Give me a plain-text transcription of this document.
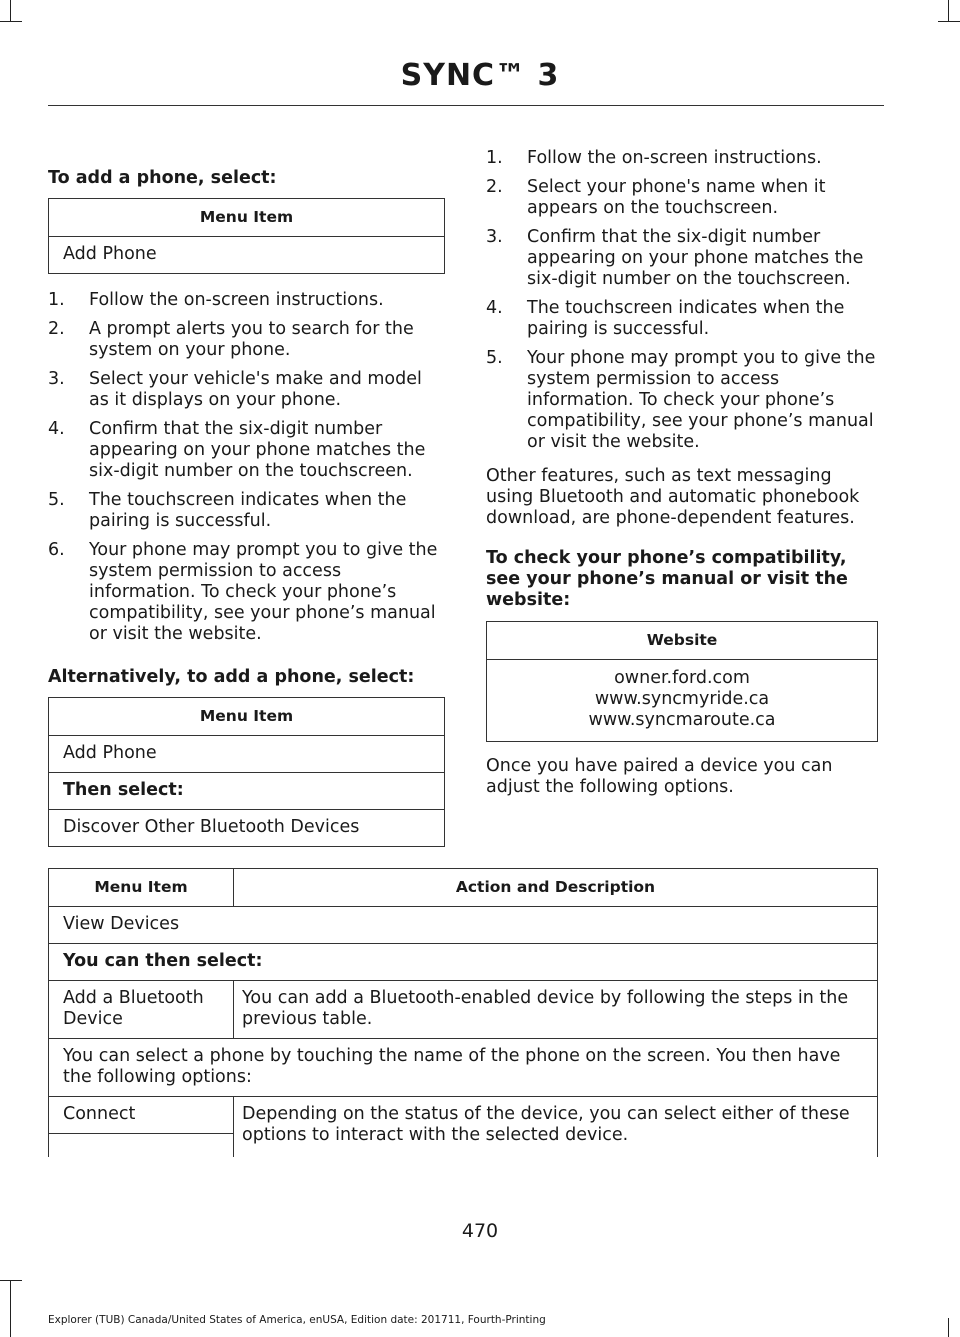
SYNC™ 3

To add a phone, select:

Menu Item
Add Phone
1. Follow the on-screen instructions.
2. A prompt alerts you to search for the system on your phone.
3. Select your vehicle's make and model as it displays on your phone.
4. Confirm that the six-digit number appearing on your phone matches the six-digit number on the touchscreen.
5. The touchscreen indicates when the pairing is successful.
6. Your phone may prompt you to give the system permission to access information. To check your phone’s compatibility, see your phone’s manual or visit the website.

Alternatively, to add a phone, select:

Menu Item
Add Phone
Then select:
Discover Other Bluetooth Devices
1. Follow the on-screen instructions.
2. Select your phone's name when it appears on the touchscreen.
3. Confirm that the six-digit number appearing on your phone matches the six-digit number on the touchscreen.
4. The touchscreen indicates when the pairing is successful.
5. Your phone may prompt you to give the system permission to access information. To check your phone’s compatibility, see your phone’s manual or visit the website.

Other features, such as text messaging using Bluetooth and automatic phonebook download, are phone-dependent features.

To check your phone’s compatibility, see your phone’s manual or visit the website:

Website

owner.ford.com
www.syncmyride.ca
www.syncmaroute.ca

Once you have paired a device you can adjust the following options.

Menu Item	Action and Description
View Devices	
You can then select:	
Add a Bluetooth Device	You can add a Bluetooth-enabled device by following the steps in the previous table.
You can select a phone by touching the name of the phone on the screen. You then have the following options:	
Connect	Depending on the status of the device, you can select either of these options to interact with the selected device.

470
Explorer (TUB) Canada/United States of America, enUSA, Edition date: 201711, Fourth-Printing
